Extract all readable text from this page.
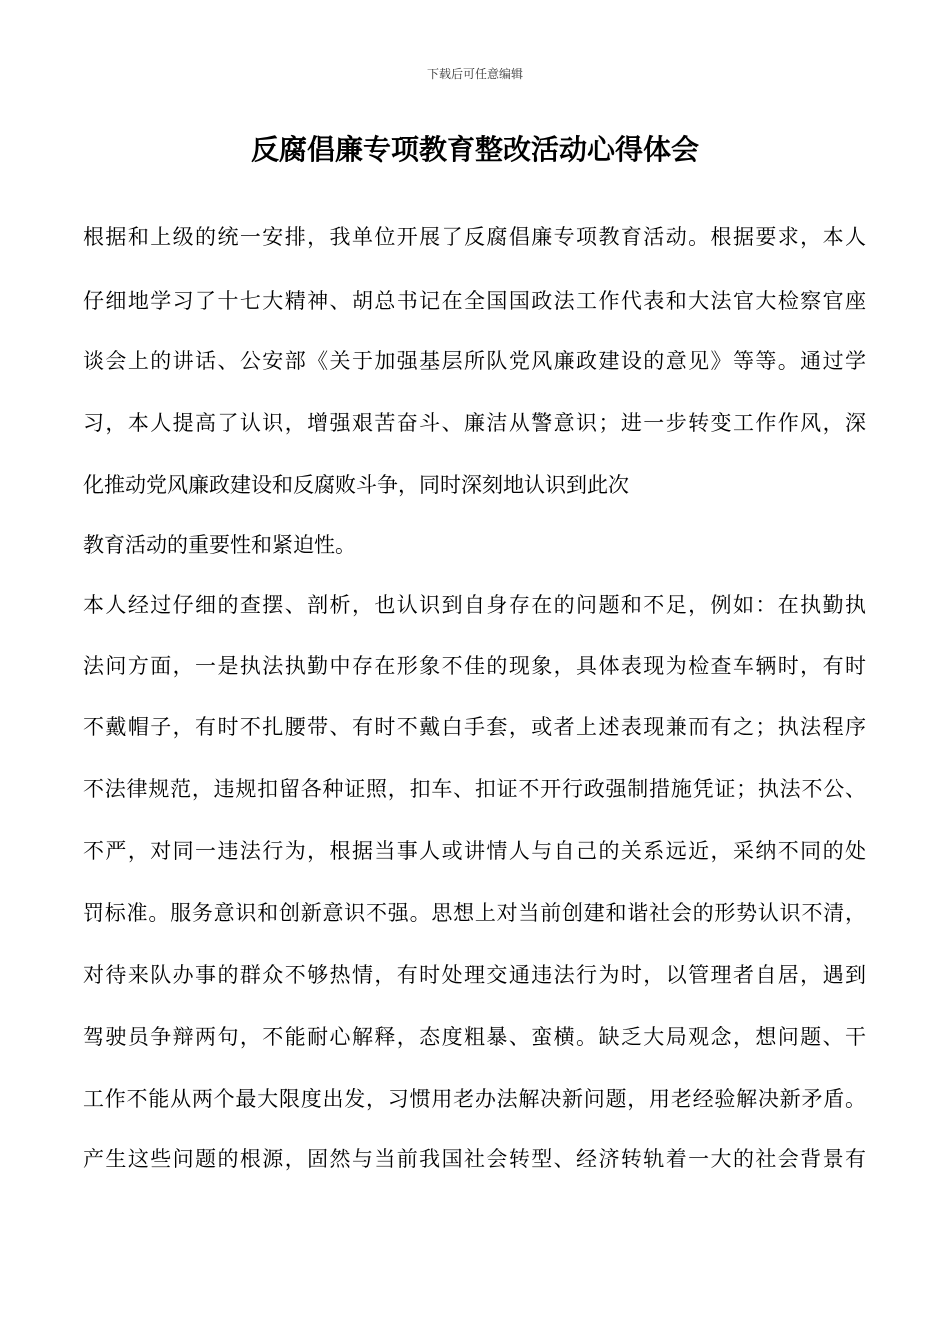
下载后可任意编辑
反腐倡廉专项教育整改活动心得体会

根据和上级的统一安排，我单位开展了反腐倡廉专项教育活动。根据要求，本人

仔细地学习了十七大精神、胡总书记在全国国政法工作代表和大法官大检察官座

谈会上的讲话、公安部《关于加强基层所队党风廉政建设的意见》等等。通过学

习，本人提高了认识，增强艰苦奋斗、廉洁从警意识；进一步转变工作作风，深

化推动党风廉政建设和反腐败斗争，同时深刻地认识到此次

教育活动的重要性和紧迫性。

本人经过仔细的查摆、剖析，也认识到自身存在的问题和不足，例如：在执勤执

法问方面，一是执法执勤中存在形象不佳的现象，具体表现为检查车辆时，有时

不戴帽子，有时不扎腰带、有时不戴白手套，或者上述表现兼而有之；执法程序

不法律规范，违规扣留各种证照，扣车、扣证不开行政强制措施凭证；执法不公、

不严，对同一违法行为，根据当事人或讲情人与自己的关系远近，采纳不同的处

罚标准。服务意识和创新意识不强。思想上对当前创建和谐社会的形势认识不清，

对待来队办事的群众不够热情，有时处理交通违法行为时，以管理者自居，遇到

驾驶员争辩两句，不能耐心解释，态度粗暴、蛮横。缺乏大局观念，想问题、干

工作不能从两个最大限度出发，习惯用老办法解决新问题，用老经验解决新矛盾。

产生这些问题的根源，固然与当前我国社会转型、经济转轨着一大的社会背景有
